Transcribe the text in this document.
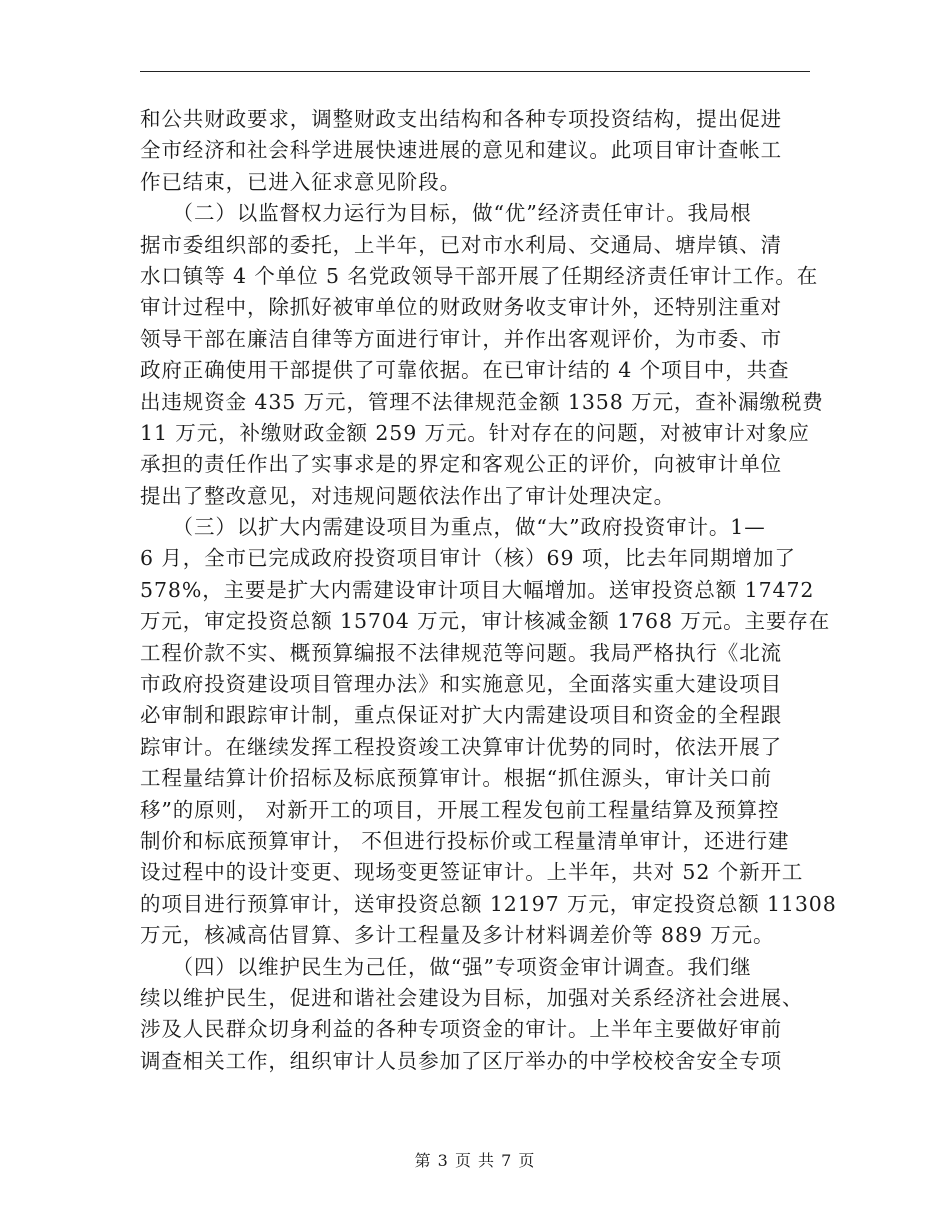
和公共财政要求，调整财政支出结构和各种专项投资结构，提出促进
全市经济和社会科学进展快速进展的意见和建议。此项目审计查帐工
作已结束，已进入征求意见阶段。
　　（二）以监督权力运行为目标，做“优”经济责任审计。我局根
据市委组织部的委托，上半年，已对市水利局、交通局、塘岸镇、清
水口镇等 4 个单位 5 名党政领导干部开展了任期经济责任审计工作。在
审计过程中，除抓好被审单位的财政财务收支审计外，还特别注重对
领导干部在廉洁自律等方面进行审计，并作出客观评价，为市委、市
政府正确使用干部提供了可靠依据。在已审计结的 4 个项目中，共查
出违规资金 435 万元，管理不法律规范金额 1358 万元，查补漏缴税费
11 万元，补缴财政金额 259 万元。针对存在的问题，对被审计对象应
承担的责任作出了实事求是的界定和客观公正的评价，向被审计单位
提出了整改意见，对违规问题依法作出了审计处理决定。
　　（三）以扩大内需建设项目为重点，做“大”政府投资审计。1—
6 月，全市已完成政府投资项目审计（核）69 项，比去年同期增加了
578%，主要是扩大内需建设审计项目大幅增加。送审投资总额 17472
万元，审定投资总额 15704 万元，审计核减金额 1768 万元。主要存在
工程价款不实、概预算编报不法律规范等问题。我局严格执行《北流
市政府投资建设项目管理办法》和实施意见，全面落实重大建设项目
必审制和跟踪审计制，重点保证对扩大内需建设项目和资金的全程跟
踪审计。在继续发挥工程投资竣工决算审计优势的同时，依法开展了
工程量结算计价招标及标底预算审计。根据“抓住源头，审计关口前
移”的原则， 对新开工的项目，开展工程发包前工程量结算及预算控
制价和标底预算审计， 不但进行投标价或工程量清单审计，还进行建
设过程中的设计变更、现场变更签证审计。上半年，共对 52 个新开工
的项目进行预算审计，送审投资总额 12197 万元，审定投资总额 11308
万元，核减高估冒算、多计工程量及多计材料调差价等 889 万元。
　　（四）以维护民生为己任，做“强”专项资金审计调查。我们继
续以维护民生，促进和谐社会建设为目标，加强对关系经济社会进展、
涉及人民群众切身利益的各种专项资金的审计。上半年主要做好审前
调查相关工作，组织审计人员参加了区厅举办的中学校校舍安全专项
第 3 页 共 7 页
